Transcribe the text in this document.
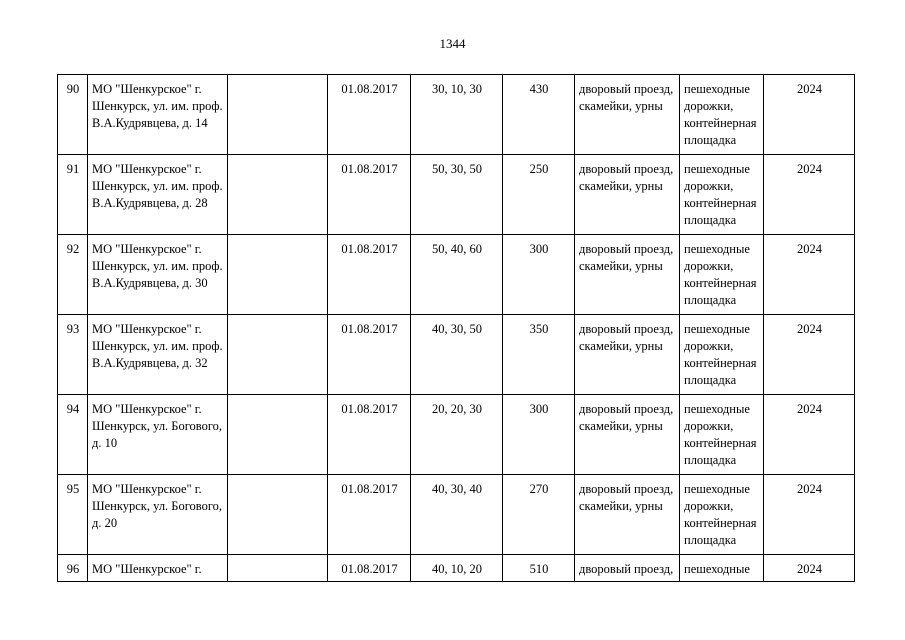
1344
90	МО "Шенкурское" г. Шенкурск, ул. им. проф. В.А.Кудрявцева, д. 14		01.08.2017	30, 10, 30	430	дворовый проезд, скамейки, урны	пешеходные дорожки, контейнерная площадка	2024
91	МО "Шенкурское" г. Шенкурск, ул. им. проф. В.А.Кудрявцева, д. 28		01.08.2017	50, 30, 50	250	дворовый проезд, скамейки, урны	пешеходные дорожки, контейнерная площадка	2024
92	МО "Шенкурское" г. Шенкурск, ул. им. проф. В.А.Кудрявцева, д. 30		01.08.2017	50, 40, 60	300	дворовый проезд, скамейки, урны	пешеходные дорожки, контейнерная площадка	2024
93	МО "Шенкурское" г. Шенкурск, ул. им. проф. В.А.Кудрявцева, д. 32		01.08.2017	40, 30, 50	350	дворовый проезд, скамейки, урны	пешеходные дорожки, контейнерная площадка	2024
94	МО "Шенкурское" г. Шенкурск, ул. Богового, д. 10		01.08.2017	20, 20, 30	300	дворовый проезд, скамейки, урны	пешеходные дорожки, контейнерная площадка	2024
95	МО "Шенкурское" г. Шенкурск, ул. Богового, д. 20		01.08.2017	40, 30, 40	270	дворовый проезд, скамейки, урны	пешеходные дорожки, контейнерная площадка	2024
96	МО "Шенкурское" г.		01.08.2017	40, 10, 20	510	дворовый проезд,	пешеходные	2024
